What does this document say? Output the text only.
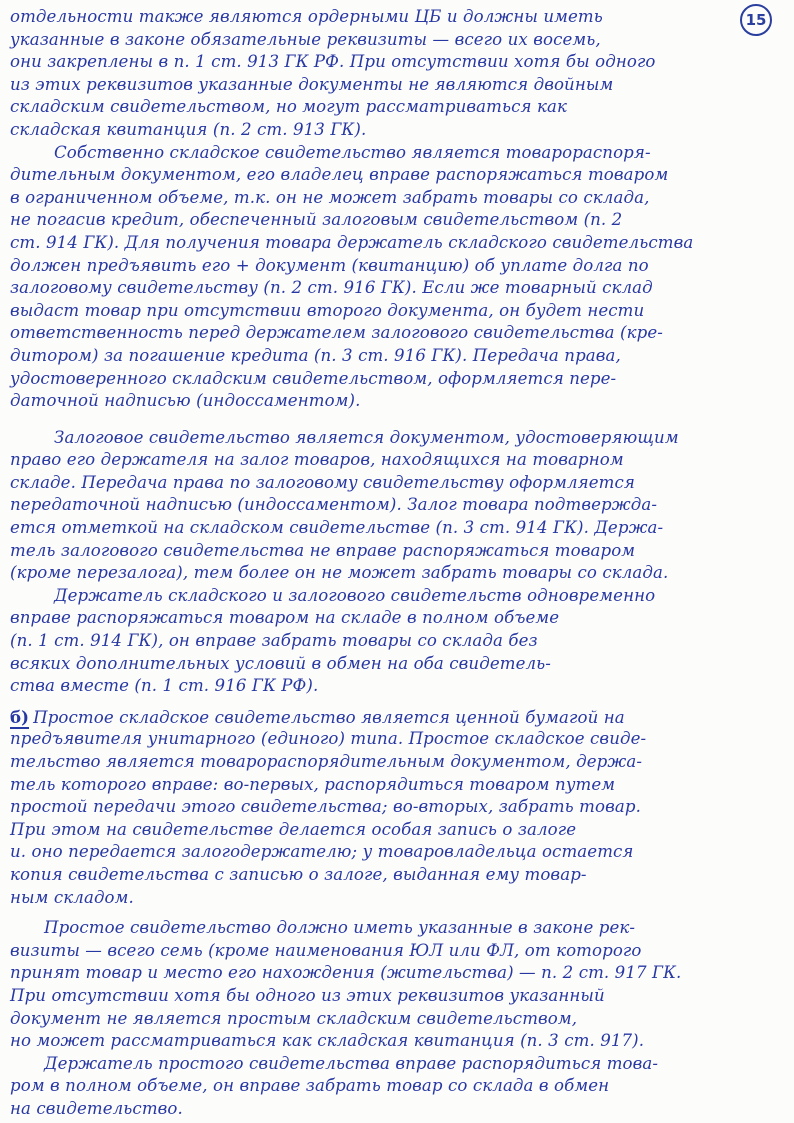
15
отдельности также являются ордерными ЦБ и должны иметь
указанные в законе обязательные реквизиты — всего их восемь,
они закреплены в п. 1 ст. 913 ГК РФ. При отсутствии хотя бы одного
из этих реквизитов указанные документы не являются двойным
складским свидетельством, но могут рассматриваться как
складская квитанция (п. 2 ст. 913 ГК).
Собственно складское свидетельство является товарораспоря-
дительным документом, его владелец вправе распоряжаться товаром
в ограниченном объеме, т.к. он не может забрать товары со склада,
не погасив кредит, обеспеченный залоговым свидетельством (п. 2
ст. 914 ГК). Для получения товара держатель складского свидетельства
должен предъявить его + документ (квитанцию) об уплате долга по
залоговому свидетельству (п. 2 ст. 916 ГК). Если же товарный склад
выдаст товар при отсутствии второго документа, он будет нести
ответственность перед держателем залогового свидетельства (кре-
дитором) за погашение кредита (п. 3 ст. 916 ГК). Передача права,
удостоверенного складским свидетельством, оформляется пере-
даточной надписью (индоссаментом).
Залоговое свидетельство является документом, удостоверяющим
право его держателя на залог товаров, находящихся на товарном
складе. Передача права по залоговому свидетельству оформляется
передаточной надписью (индоссаментом). Залог товара подтвержда-
ется отметкой на складском свидетельстве (п. 3 ст. 914 ГК). Держа-
тель залогового свидетельства не вправе распоряжаться товаром
(кроме перезалога), тем более он не может забрать товары со склада.
Держатель складского и залогового свидетельств одновременно
вправе распоряжаться товаром на складе в полном объеме
(п. 1 ст. 914 ГК), он вправе забрать товары со склада без
всяких дополнительных условий в обмен на оба свидетель-
ства вместе (п. 1 ст. 916 ГК РФ).
б) Простое складское свидетельство является ценной бумагой на
предъявителя унитарного (единого) типа. Простое складское свиде-
тельство является товарораспорядительным документом, держа-
тель которого вправе: во-первых, распорядиться товаром путем
простой передачи этого свидетельства; во-вторых, забрать товар.
При этом на свидетельстве делается особая запись о залоге
и. оно передается залогодержателю; у товаровладельца остается
копия свидетельства с записью о залоге, выданная ему товар-
ным складом.
Простое свидетельство должно иметь указанные в законе рек-
визиты — всего семь (кроме наименования ЮЛ или ФЛ, от которого
принят товар и место его нахождения (жительства) — п. 2 ст. 917 ГК.
При отсутствии хотя бы одного из этих реквизитов указанный
документ не является простым складским свидетельством,
но может рассматриваться как складская квитанция (п. 3 ст. 917).
Держатель простого свидетельства вправе распорядиться това-
ром в полном объеме, он вправе забрать товар со склада в обмен
на свидетельство.
